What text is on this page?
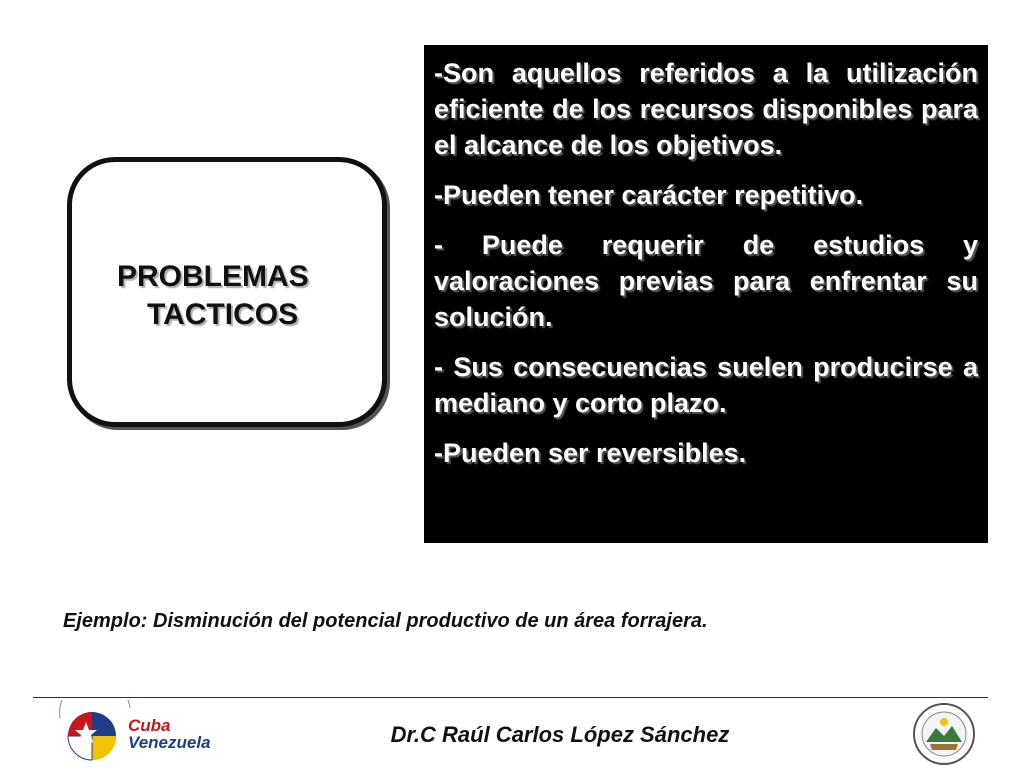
PROBLEMAS
TACTICOS

-Son aquellos referidos a la utilización eficiente de los recursos disponibles para el alcance de los objetivos.

-Pueden tener carácter repetitivo.

- Puede requerir de estudios y valoraciones previas para enfrentar su solución.

- Sus consecuencias suelen producirse a mediano y corto plazo.

-Pueden ser reversibles.

Ejemplo: Disminución del potencial productivo de un área forrajera.
Cuba
Venezuela	Dr.C Raúl Carlos López Sánchez
